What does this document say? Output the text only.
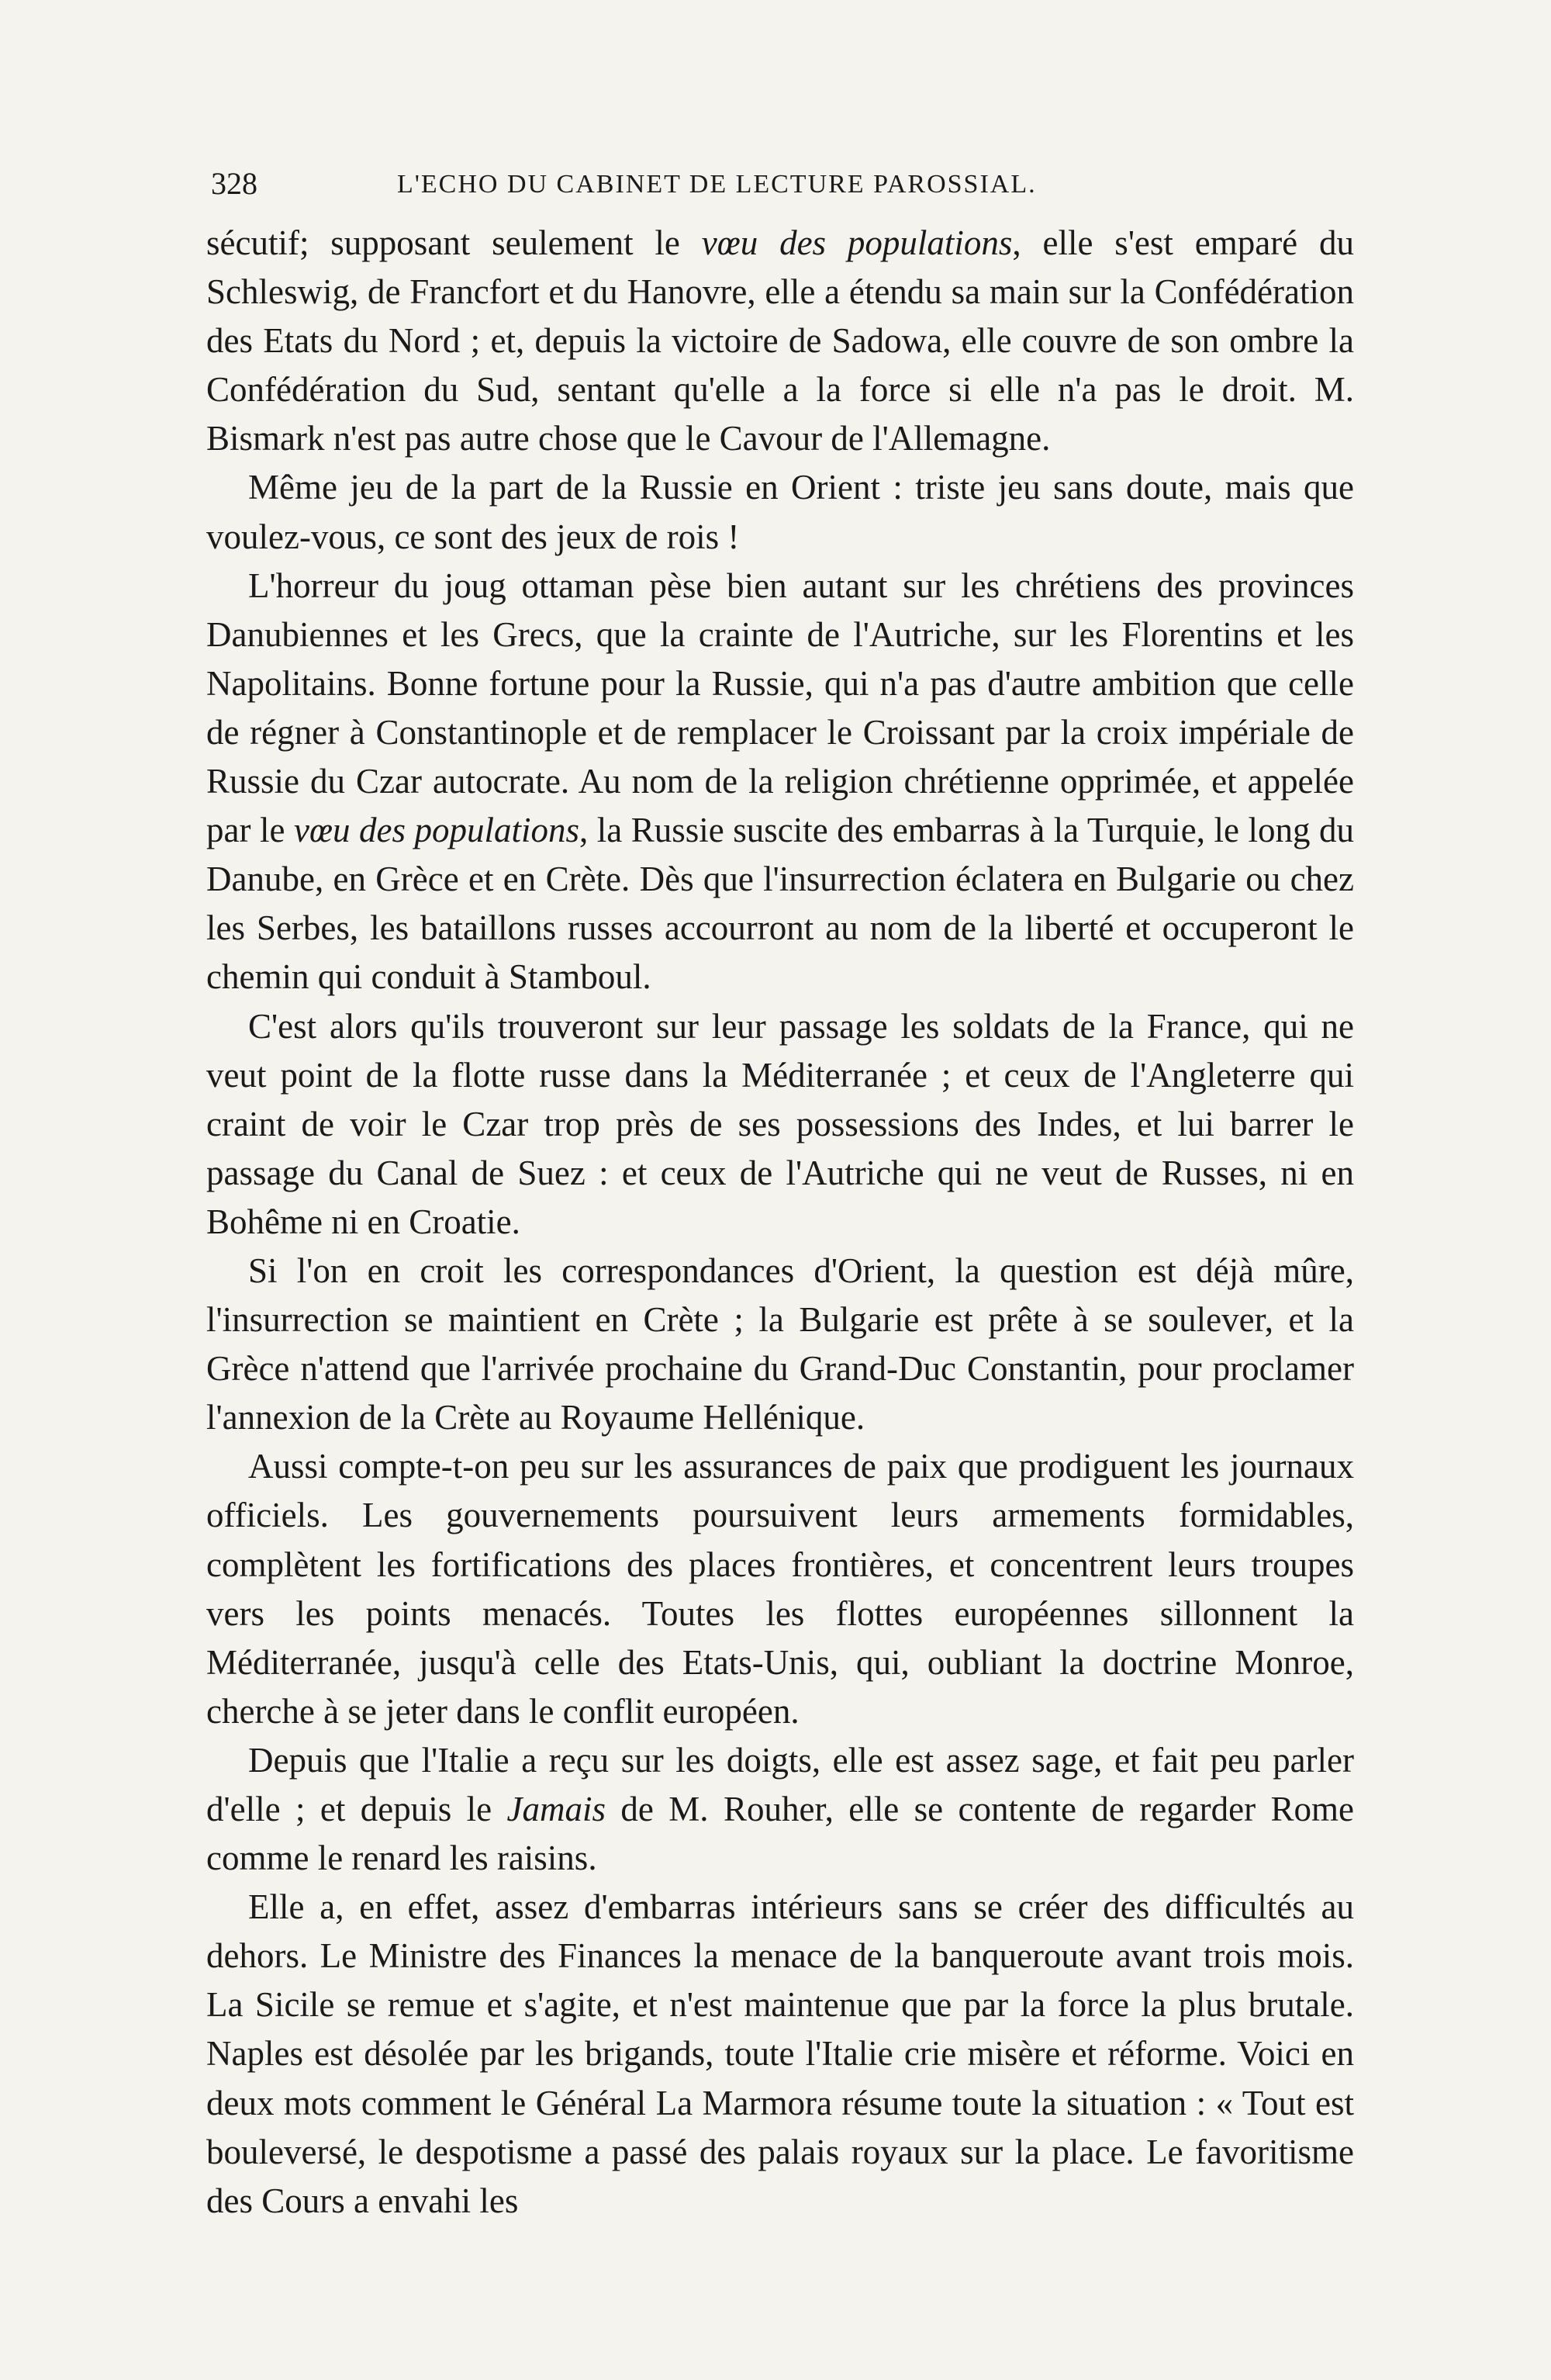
328	L'ECHO DU CABINET DE LECTURE PAROSSIAL.

sécutif; supposant seulement le vœu des populations, elle s'est emparé du Schleswig, de Francfort et du Hanovre, elle a étendu sa main sur la Confédération des Etats du Nord ; et, depuis la victoire de Sadowa, elle couvre de son ombre la Confédération du Sud, sentant qu'elle a la force si elle n'a pas le droit. M. Bismark n'est pas autre chose que le Cavour de l'Allemagne.

Même jeu de la part de la Russie en Orient : triste jeu sans doute, mais que voulez-vous, ce sont des jeux de rois !

L'horreur du joug ottaman pèse bien autant sur les chrétiens des provinces Danubiennes et les Grecs, que la crainte de l'Autriche, sur les Florentins et les Napolitains. Bonne fortune pour la Russie, qui n'a pas d'autre ambition que celle de régner à Constantinople et de remplacer le Croissant par la croix impériale de Russie du Czar autocrate. Au nom de la religion chrétienne opprimée, et appelée par le vœu des populations, la Russie suscite des embarras à la Turquie, le long du Danube, en Grèce et en Crète. Dès que l'insurrection éclatera en Bulgarie ou chez les Serbes, les bataillons russes accourront au nom de la liberté et occuperont le chemin qui conduit à Stamboul.

C'est alors qu'ils trouveront sur leur passage les soldats de la France, qui ne veut point de la flotte russe dans la Méditerranée ; et ceux de l'Angleterre qui craint de voir le Czar trop près de ses possessions des Indes, et lui barrer le passage du Canal de Suez : et ceux de l'Autriche qui ne veut de Russes, ni en Bohême ni en Croatie.

Si l'on en croit les correspondances d'Orient, la question est déjà mûre, l'insurrection se maintient en Crète ; la Bulgarie est prête à se soulever, et la Grèce n'attend que l'arrivée prochaine du Grand-Duc Constantin, pour proclamer l'annexion de la Crète au Royaume Hellénique.

Aussi compte-t-on peu sur les assurances de paix que prodiguent les journaux officiels. Les gouvernements poursuivent leurs armements formidables, complètent les fortifications des places frontières, et concentrent leurs troupes vers les points menacés. Toutes les flottes européennes sillonnent la Méditerranée, jusqu'à celle des Etats-Unis, qui, oubliant la doctrine Monroe, cherche à se jeter dans le conflit européen.

Depuis que l'Italie a reçu sur les doigts, elle est assez sage, et fait peu parler d'elle ; et depuis le Jamais de M. Rouher, elle se contente de regarder Rome comme le renard les raisins.

Elle a, en effet, assez d'embarras intérieurs sans se créer des difficultés au dehors. Le Ministre des Finances la menace de la banqueroute avant trois mois. La Sicile se remue et s'agite, et n'est maintenue que par la force la plus brutale. Naples est désolée par les brigands, toute l'Italie crie misère et réforme. Voici en deux mots comment le Général La Marmora résume toute la situation : « Tout est bouleversé, le despotisme a passé des palais royaux sur la place. Le favoritisme des Cours a envahi les
